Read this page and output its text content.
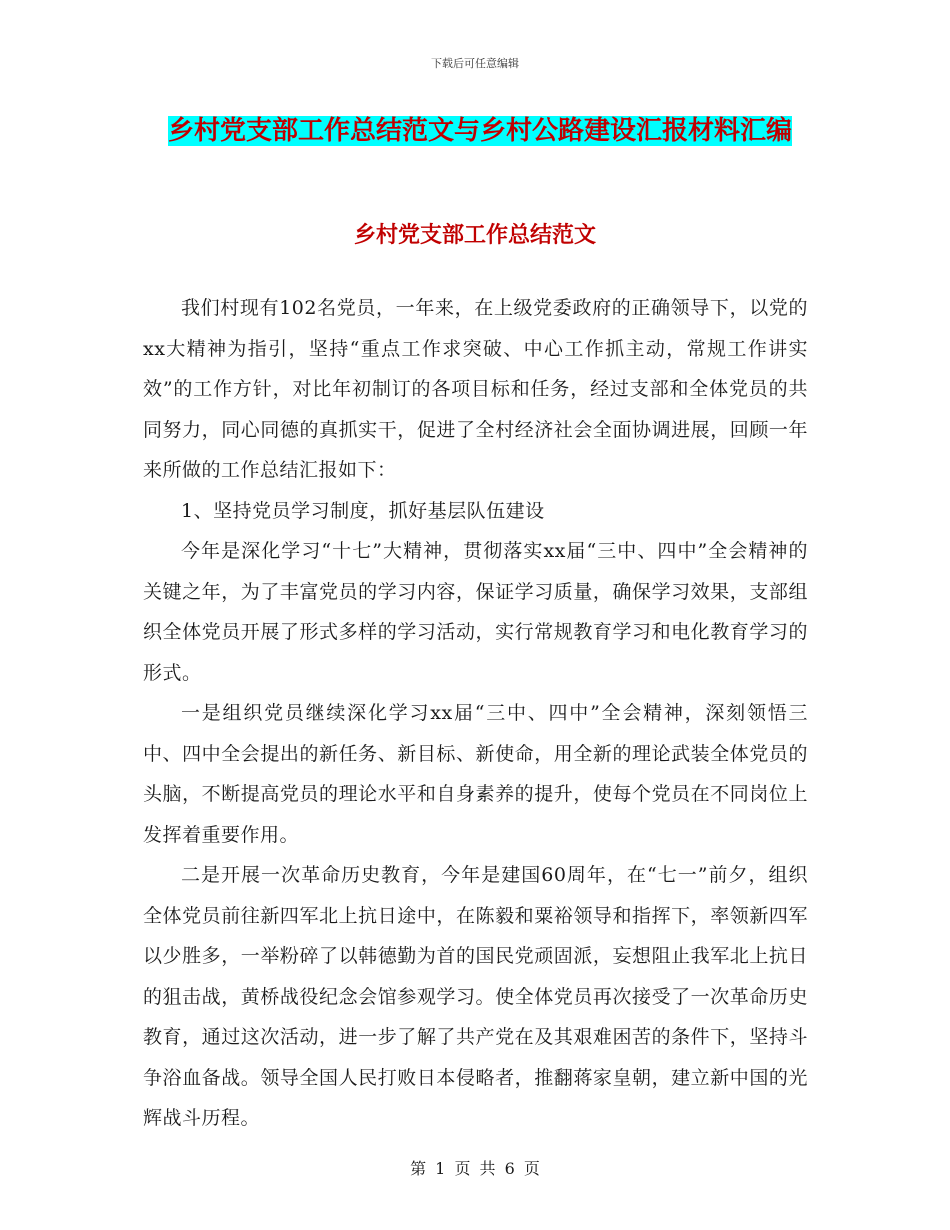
下载后可任意编辑
乡村党支部工作总结范文与乡村公路建设汇报材料汇编
乡村党支部工作总结范文

我们村现有102名党员，一年来，在上级党委政府的正确领导下，以党的xx大精神为指引，坚持“重点工作求突破、中心工作抓主动，常规工作讲实效”的工作方针，对比年初制订的各项目标和任务，经过支部和全体党员的共同努力，同心同德的真抓实干，促进了全村经济社会全面协调进展，回顾一年来所做的工作总结汇报如下：

1、坚持党员学习制度，抓好基层队伍建设

今年是深化学习“十七”大精神，贯彻落实xx届“三中、四中”全会精神的关键之年，为了丰富党员的学习内容，保证学习质量，确保学习效果，支部组织全体党员开展了形式多样的学习活动，实行常规教育学习和电化教育学习的形式。

一是组织党员继续深化学习xx届“三中、四中”全会精神，深刻领悟三中、四中全会提出的新任务、新目标、新使命，用全新的理论武装全体党员的头脑，不断提高党员的理论水平和自身素养的提升，使每个党员在不同岗位上发挥着重要作用。

二是开展一次革命历史教育，今年是建国60周年，在“七一”前夕，组织全体党员前往新四军北上抗日途中，在陈毅和粟裕领导和指挥下，率领新四军以少胜多，一举粉碎了以韩德勤为首的国民党顽固派，妄想阻止我军北上抗日的狙击战，黄桥战役纪念会馆参观学习。使全体党员再次接受了一次革命历史教育，通过这次活动，进一步了解了共产党在及其艰难困苦的条件下，坚持斗争浴血备战。领导全国人民打败日本侵略者，推翻蒋家皇朝，建立新中国的光辉战斗历程。

第 1 页 共 6 页
